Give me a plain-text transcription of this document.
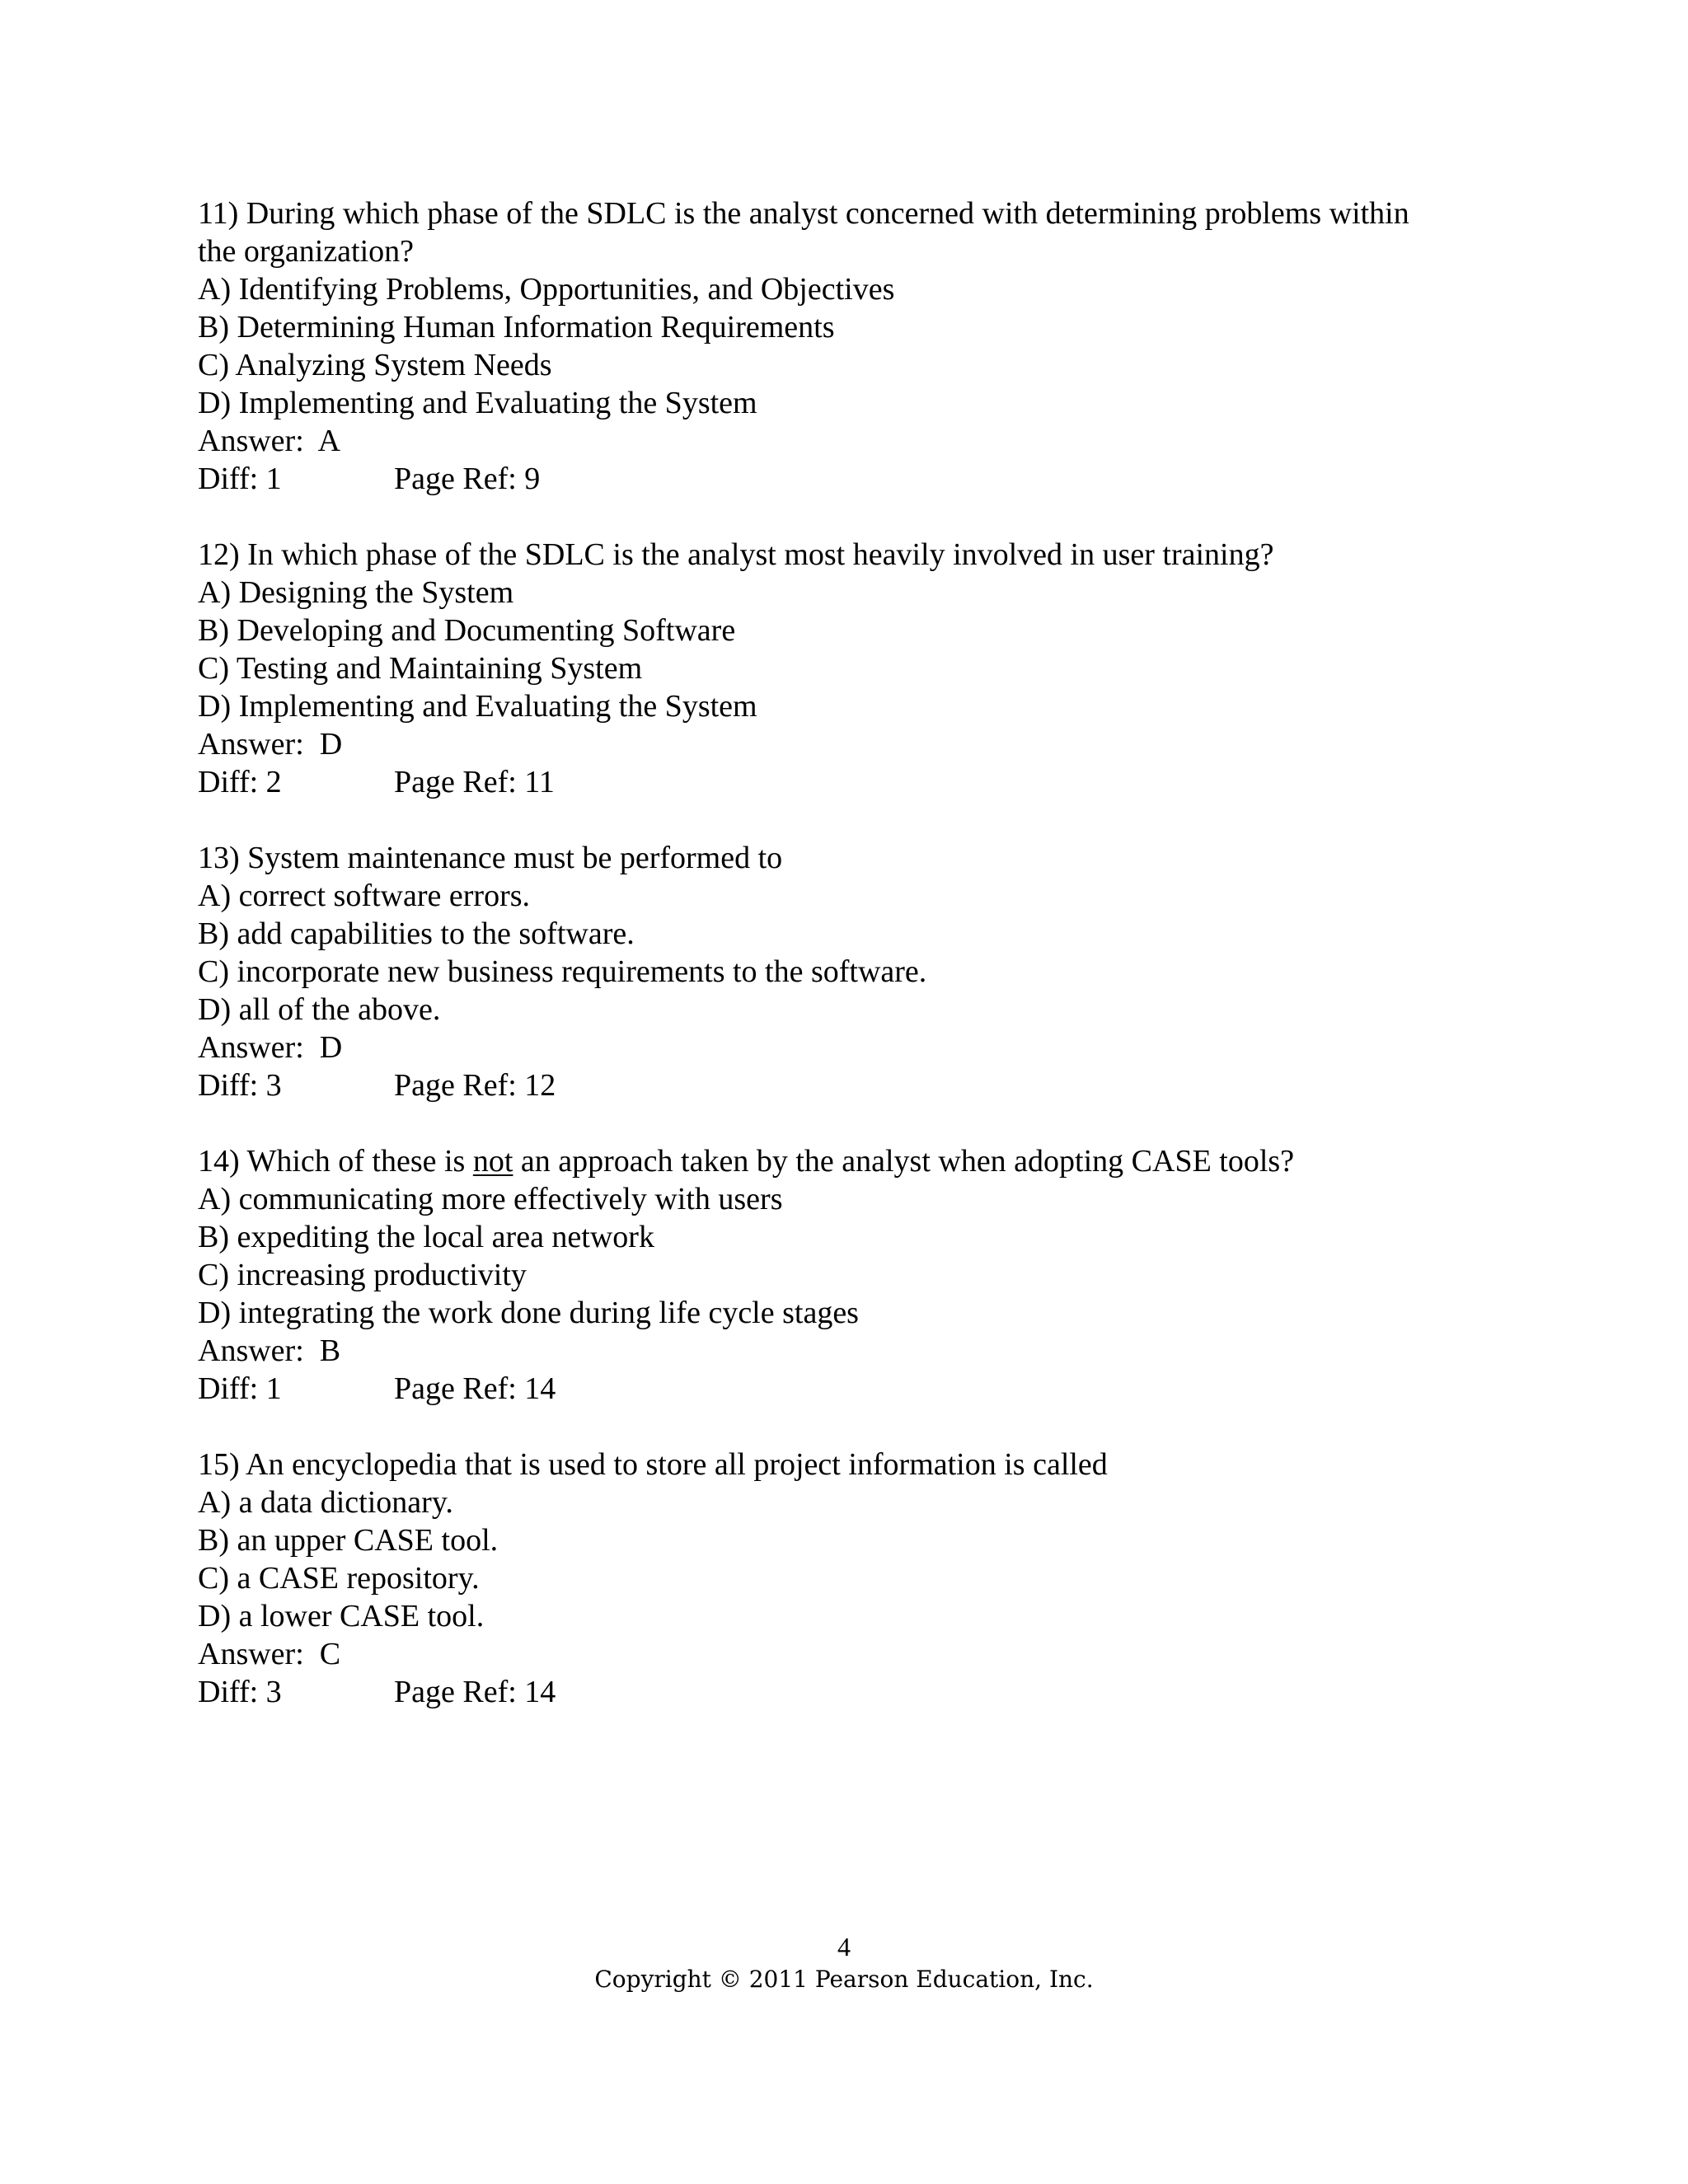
11) During which phase of the SDLC is the analyst concerned with determining problems within
the organization?
A) Identifying Problems, Opportunities, and Objectives
B) Determining Human Information Requirements
C) Analyzing System Needs
D) Implementing and Evaluating the System
Answer:  A
Diff: 1	Page Ref: 9
12) In which phase of the SDLC is the analyst most heavily involved in user training?
A) Designing the System
B) Developing and Documenting Software
C) Testing and Maintaining System
D) Implementing and Evaluating the System
Answer:  D
Diff: 2	Page Ref: 11
13) System maintenance must be performed to
A) correct software errors.
B) add capabilities to the software.
C) incorporate new business requirements to the software.
D) all of the above.
Answer:  D
Diff: 3	Page Ref: 12
14) Which of these is not an approach taken by the analyst when adopting CASE tools?
A) communicating more effectively with users
B) expediting the local area network
C) increasing productivity
D) integrating the work done during life cycle stages
Answer:  B
Diff: 1	Page Ref: 14
15) An encyclopedia that is used to store all project information is called
A) a data dictionary.
B) an upper CASE tool.
C) a CASE repository.
D) a lower CASE tool.
Answer:  C
Diff: 3	Page Ref: 14
4
Copyright © 2011 Pearson Education, Inc.
